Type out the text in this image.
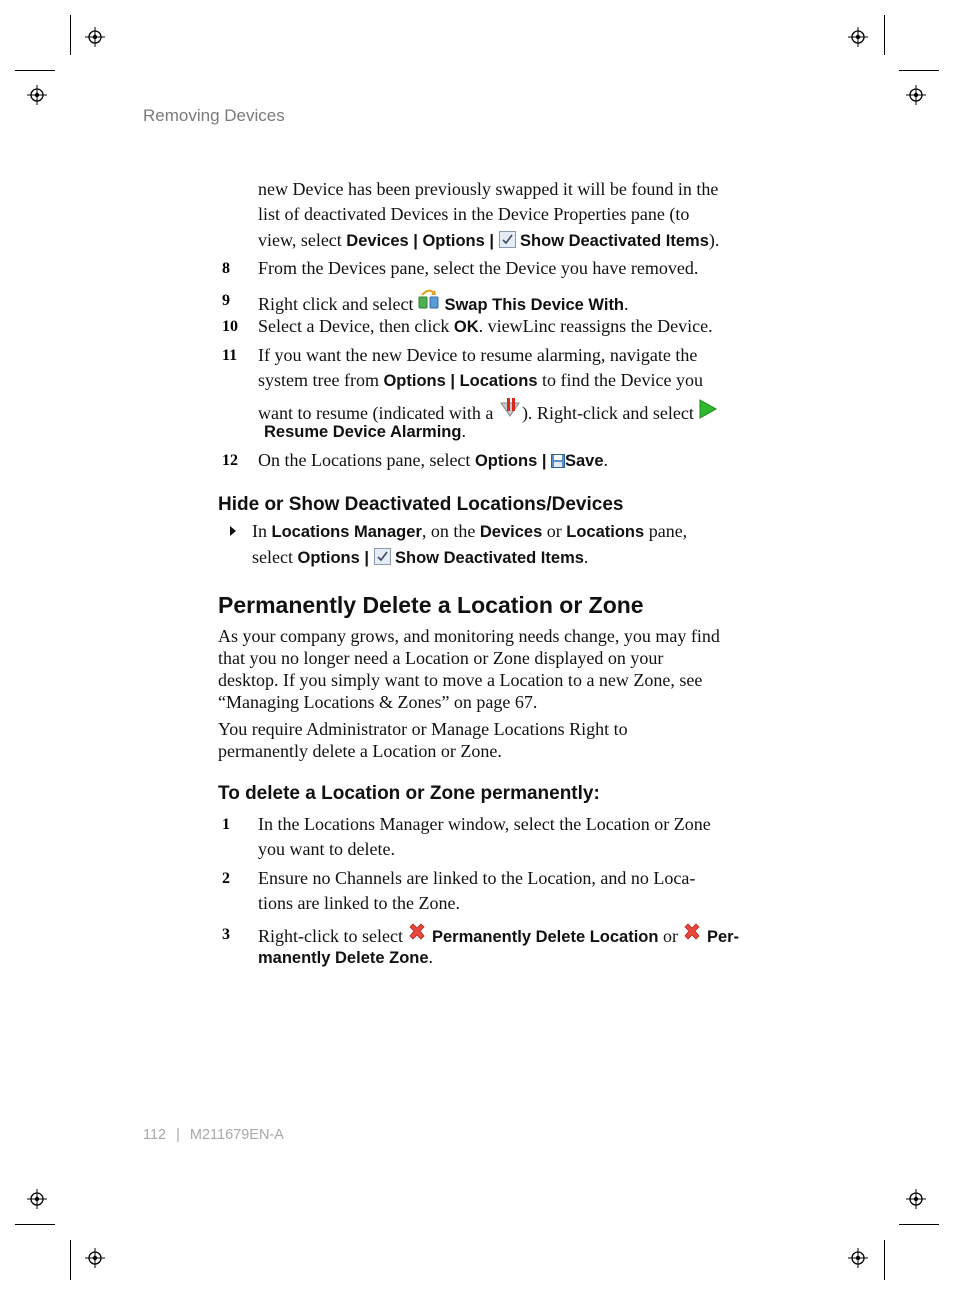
Removing Devices
new Device has been previously swapped it will be found in the
list of deactivated Devices in the Device Properties pane (to
view, select Devices | Options | Show Deactivated Items).
8 From the Devices pane, select the Device you have removed.
9 Right click and select  Swap This Device With.
10 Select a Device, then click OK. viewLinc reassigns the Device.
11 If you want the new Device to resume alarming, navigate the
system tree from Options | Locations to find the Device you
want to resume (indicated with a ). Right-click and select
Resume Device Alarming.
12 On the Locations pane, select Options | Save.
Hide or Show Deactivated Locations/Devices
In Locations Manager, on the Devices or Locations pane,
select Options | Show Deactivated Items.
Permanently Delete a Location or Zone
As your company grows, and monitoring needs change, you may find
that you no longer need a Location or Zone displayed on your
desktop. If you simply want to move a Location to a new Zone, see
“Managing Locations & Zones” on page 67.
You require Administrator or Manage Locations Right to
permanently delete a Location or Zone.
To delete a Location or Zone permanently:
1 In the Locations Manager window, select the Location or Zone
you want to delete.
2 Ensure no Channels are linked to the Location, and no Loca-
tions are linked to the Zone.
3 Right-click to select  Permanently Delete Location or  Per-
manently Delete Zone.
112 | M211679EN-A
